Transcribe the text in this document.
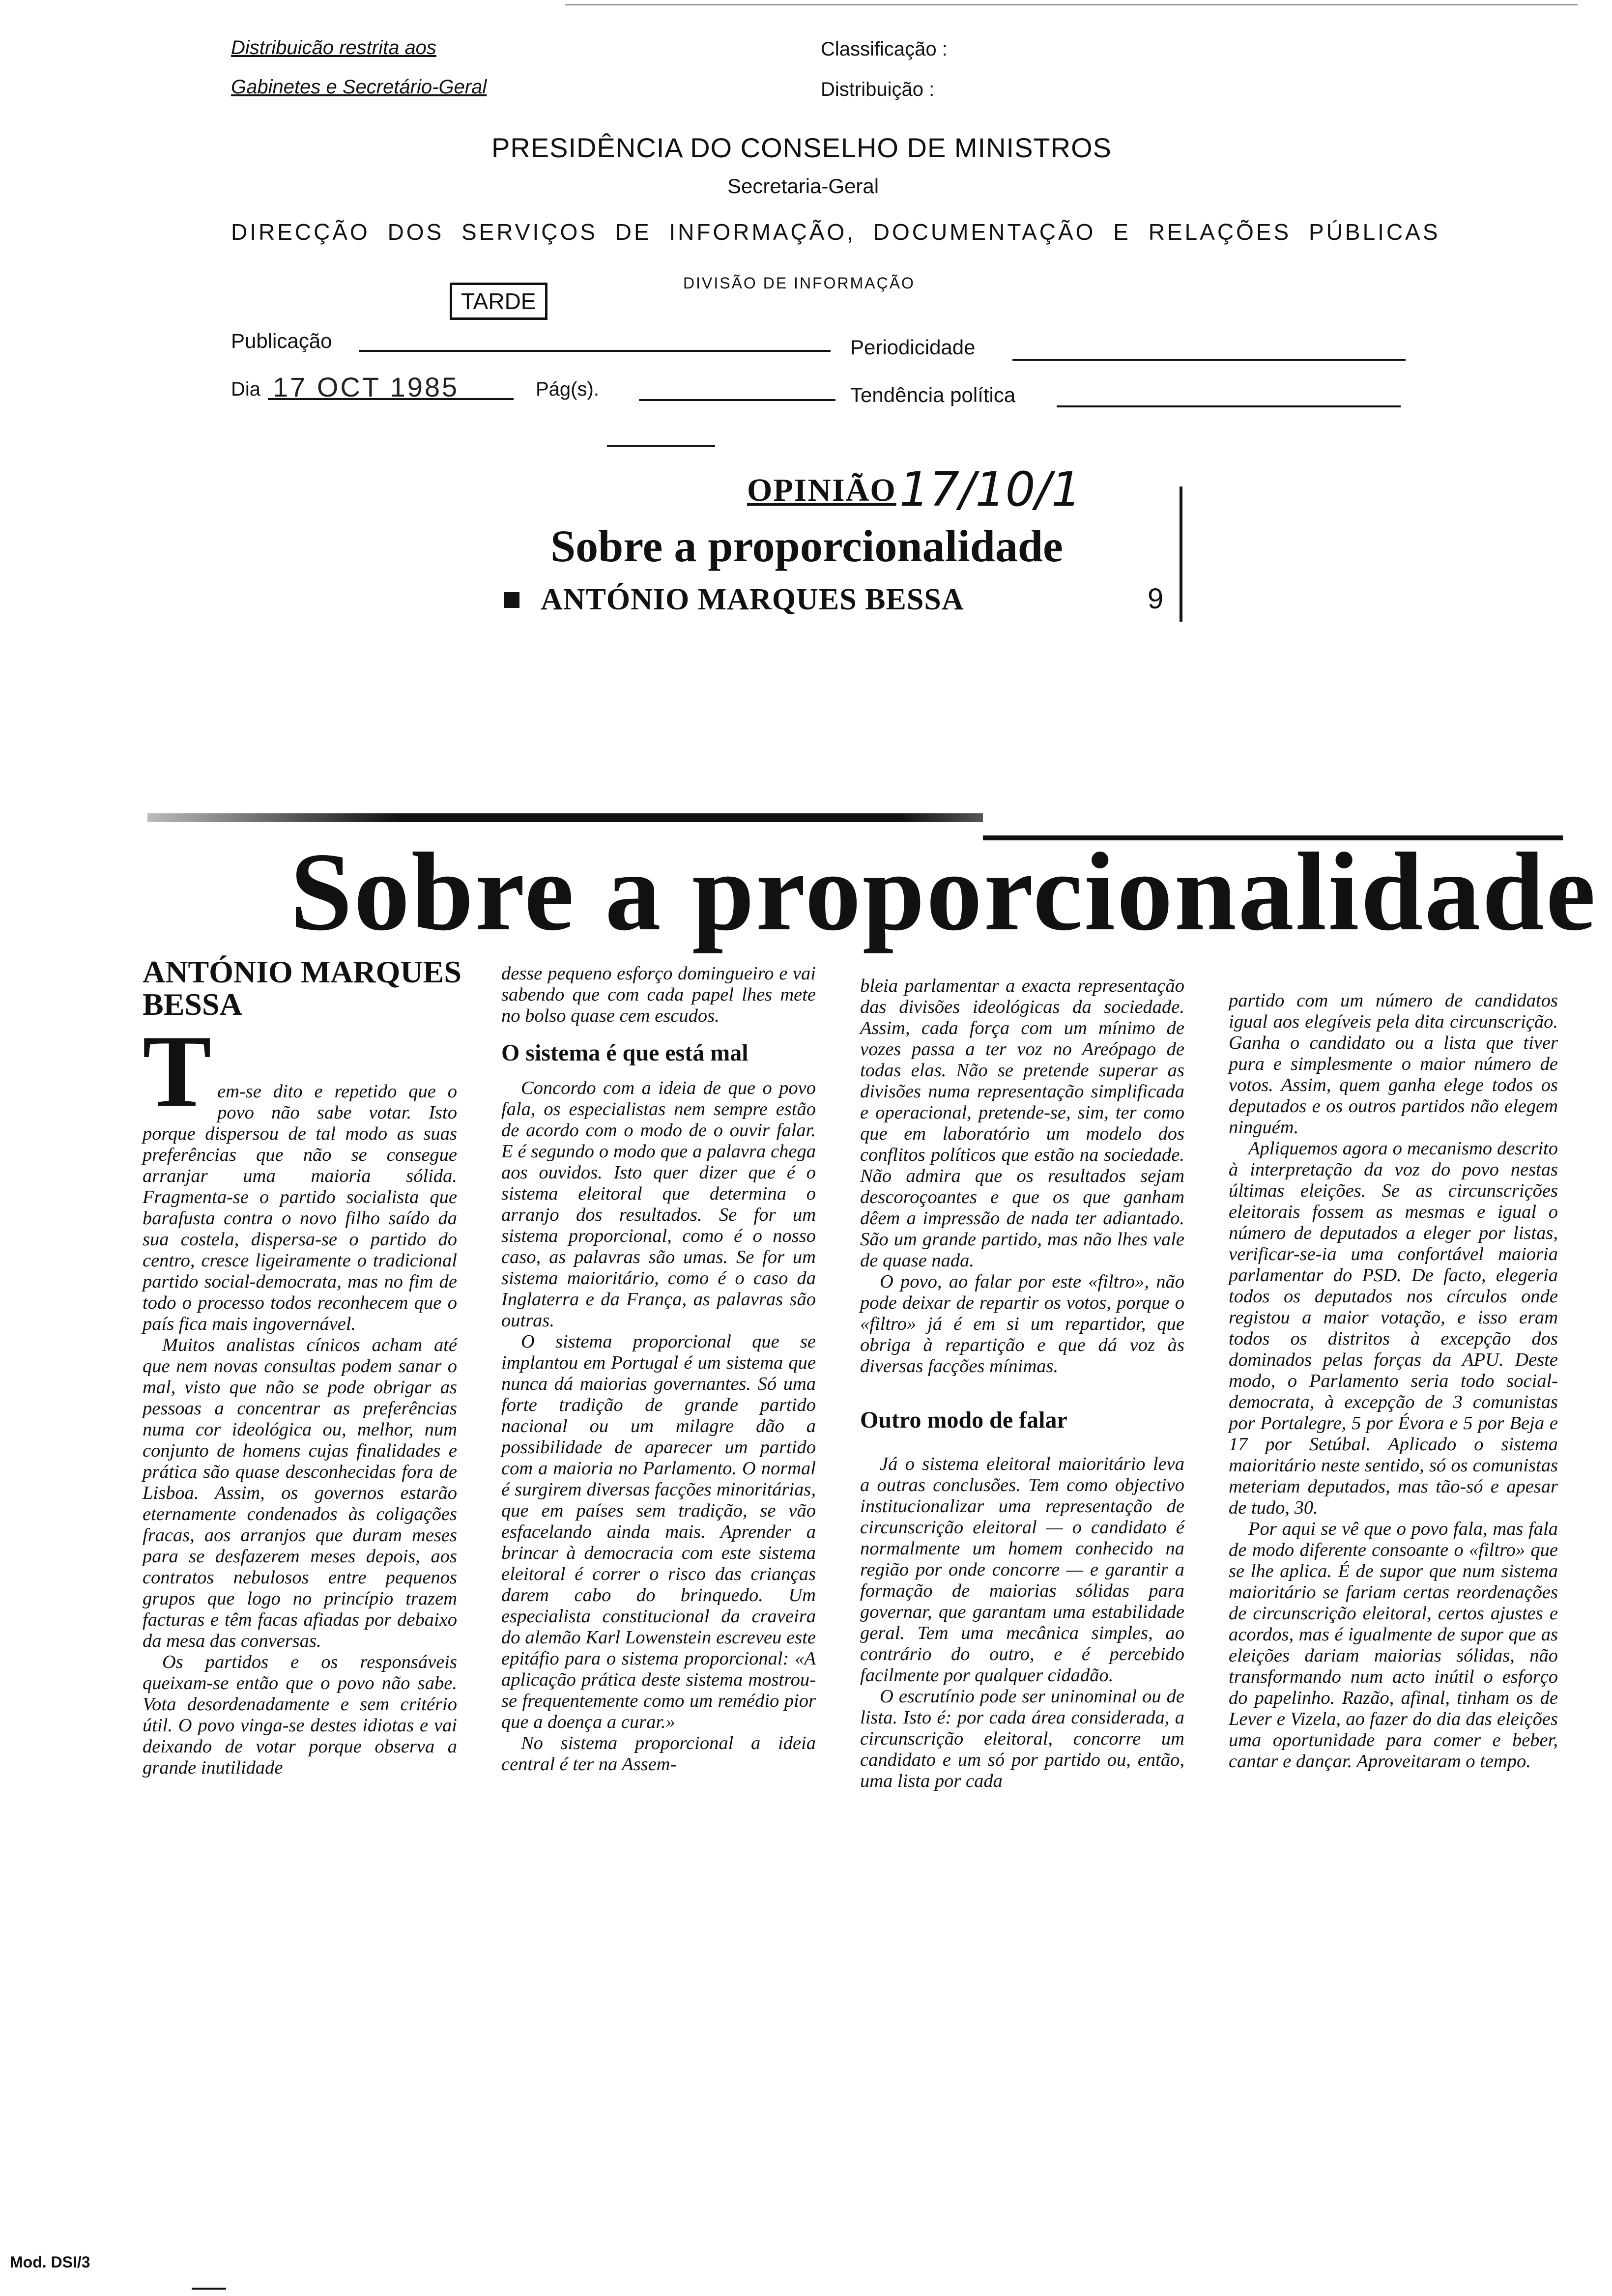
Distribuicão restrita aos
Gabinetes e Secretário-Geral
Classificação :
Distribuição :
PRESIDÊNCIA DO CONSELHO DE MINISTROS
Secretaria-Geral
DIRECÇÃO DOS SERVIÇOS DE INFORMAÇÃO, DOCUMENTAÇÃO E RELAÇÕES PÚBLICAS
TARDE
DIVISÃO DE INFORMAÇÃO
Publicação	Periodicidade
Dia 17 OCT 1985	Pág(s).	Tendência política
OPINIÃO 17/10/1
Sobre a proporcionalidade
ANTÓNIO MARQUES BESSA	9
Sobre a proporcionalidade
ANTÓNIO MARQUES BESSA
T em-se dito e repetido que o povo não sabe votar. Isto porque dispersou de tal modo as suas preferências que não se consegue arranjar uma maioria sólida. Fragmenta-se o partido socialista que barafusta contra o novo filho saído da sua costela, dispersa-se o partido do centro, cresce ligeiramente o tradicional partido social-democrata, mas no fim de todo o processo todos reconhecem que o país fica mais ingovernável.

Muitos analistas cínicos acham até que nem novas consultas podem sanar o mal, visto que não se pode obrigar as pessoas a concentrar as preferências numa cor ideológica ou, melhor, num conjunto de homens cujas finalidades e prática são quase desconhecidas fora de Lisboa. Assim, os governos estarão eternamente condenados às coligações fracas, aos arranjos que duram meses para se desfazerem meses depois, aos contratos nebulosos entre pequenos grupos que logo no princípio trazem facturas e têm facas afiadas por debaixo da mesa das conversas.

Os partidos e os responsáveis queixam-se então que o povo não sabe. Vota desordenadamente e sem critério útil. O povo vinga-se destes idiotas e vai deixando de votar porque observa a grande inutilidade

desse pequeno esforço domingueiro e vai sabendo que com cada papel lhes mete no bolso quase cem escudos.

O sistema é que está mal

Concordo com a ideia de que o povo fala, os especialistas nem sempre estão de acordo com o modo de o ouvir falar. E é segundo o modo que a palavra chega aos ouvidos. Isto quer dizer que é o sistema eleitoral que determina o arranjo dos resultados. Se for um sistema proporcional, como é o nosso caso, as palavras são umas. Se for um sistema maioritário, como é o caso da Inglaterra e da França, as palavras são outras.

O sistema proporcional que se implantou em Portugal é um sistema que nunca dá maiorias governantes. Só uma forte tradição de grande partido nacional ou um milagre dão a possibilidade de aparecer um partido com a maioria no Parlamento. O normal é surgirem diversas facções minoritárias, que em países sem tradição, se vão esfacelando ainda mais. Aprender a brincar à democracia com este sistema eleitoral é correr o risco das crianças darem cabo do brinquedo. Um especialista constitucional da craveira do alemão Karl Lowenstein escreveu este epitáfio para o sistema proporcional: «A aplicação prática deste sistema mostrou-se frequentemente como um remédio pior que a doença a curar.»

No sistema proporcional a ideia central é ter na Assem-

bleia parlamentar a exacta representação das divisões ideológicas da sociedade. Assim, cada força com um mínimo de vozes passa a ter voz no Areópago de todas elas. Não se pretende superar as divisões numa representação simplificada e operacional, pretende-se, sim, ter como que em laboratório um modelo dos conflitos políticos que estão na sociedade. Não admira que os resultados sejam descoroçoantes e que os que ganham dêem a impressão de nada ter adiantado. São um grande partido, mas não lhes vale de quase nada.

O povo, ao falar por este «filtro», não pode deixar de repartir os votos, porque o «filtro» já é em si um repartidor, que obriga à repartição e que dá voz às diversas facções mínimas.

Outro modo de falar

Já o sistema eleitoral maioritário leva a outras conclusões. Tem como objectivo institucionalizar uma representação de circunscrição eleitoral — o candidato é normalmente um homem conhecido na região por onde concorre — e garantir a formação de maiorias sólidas para governar, que garantam uma estabilidade geral. Tem uma mecânica simples, ao contrário do outro, e é percebido facilmente por qualquer cidadão.

O escrutínio pode ser uninominal ou de lista. Isto é: por cada área considerada, a circunscrição eleitoral, concorre um candidato e um só por partido ou, então, uma lista por cada

partido com um número de candidatos igual aos elegíveis pela dita circunscrição. Ganha o candidato ou a lista que tiver pura e simplesmente o maior número de votos. Assim, quem ganha elege todos os deputados e os outros partidos não elegem ninguém.

Apliquemos agora o mecanismo descrito à interpretação da voz do povo nestas últimas eleições. Se as circunscrições eleitorais fossem as mesmas e igual o número de deputados a eleger por listas, verificar-se-ia uma confortável maioria parlamentar do PSD. De facto, elegeria todos os deputados nos círculos onde registou a maior votação, e isso eram todos os distritos à excepção dos dominados pelas forças da APU. Deste modo, o Parlamento seria todo social-democrata, à excepção de 3 comunistas por Portalegre, 5 por Évora e 5 por Beja e 17 por Setúbal. Aplicado o sistema maioritário neste sentido, só os comunistas meteriam deputados, mas tão-só e apesar de tudo, 30.

Por aqui se vê que o povo fala, mas fala de modo diferente consoante o «filtro» que se lhe aplica. É de supor que num sistema maioritário se fariam certas reordenações de circunscrição eleitoral, certos ajustes e acordos, mas é igualmente de supor que as eleições dariam maiorias sólidas, não transformando num acto inútil o esforço do papelinho. Razão, afinal, tinham os de Lever e Vizela, ao fazer do dia das eleições uma oportunidade para comer e beber, cantar e dançar. Aproveitaram o tempo.

Mod. DSI/3
